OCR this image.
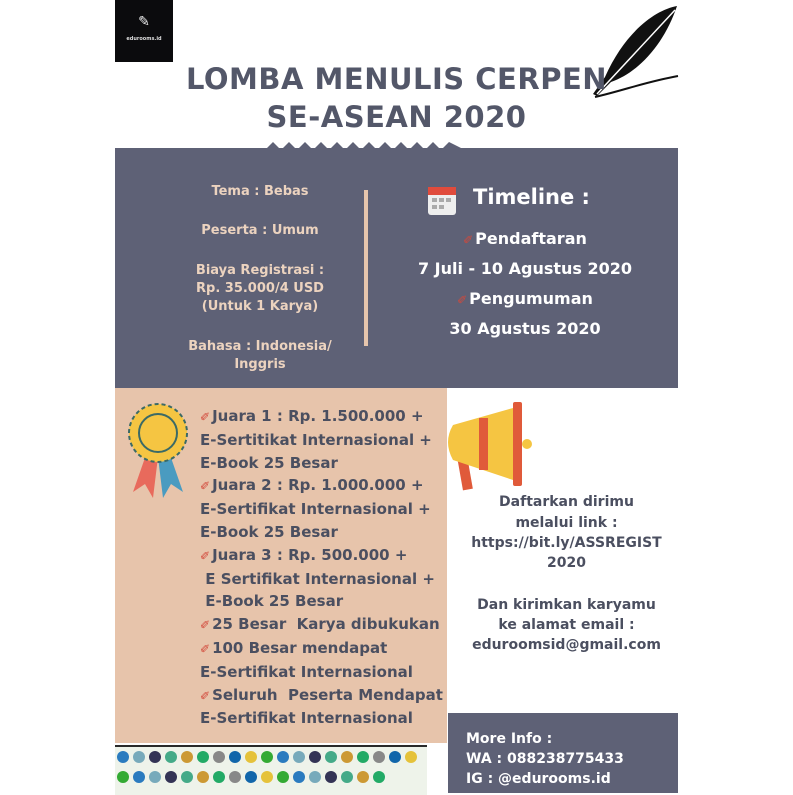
✎
edurooms.id
LOMBA MENULIS CERPEN
SE-ASEAN 2020
Tema : Bebas
Peserta : Umum
Biaya Registrasi :
Rp. 35.000/4 USD
(Untuk 1 Karya)
Bahasa : Indonesia/
Inggris
Timeline :
✐ Pendaftaran
7 Juli - 10 Agustus 2020
✐ Pengumuman
30 Agustus 2020
✐ Juara 1 : Rp. 1.500.000 +
E-Sertitikat Internasional +
E-Book 25 Besar
✐ Juara 2 : Rp. 1.000.000 +
E-Sertifikat Internasional +
E-Book 25 Besar
✐ Juara 3 : Rp. 500.000 +
E Sertifikat Internasional +
E-Book 25 Besar
✐ 25 Besar  Karya dibukukan
✐ 100 Besar mendapat
E-Sertifikat Internasional
✐ Seluruh  Peserta Mendapat
E-Sertifikat Internasional
Daftarkan dirimu
melalui link :
https://bit.ly/ASSREGIST
2020
Dan kirimkan karyamu
ke alamat email :
eduroomsid@gmail.com
More Info :
WA : 088238775433
IG : @edurooms.id
